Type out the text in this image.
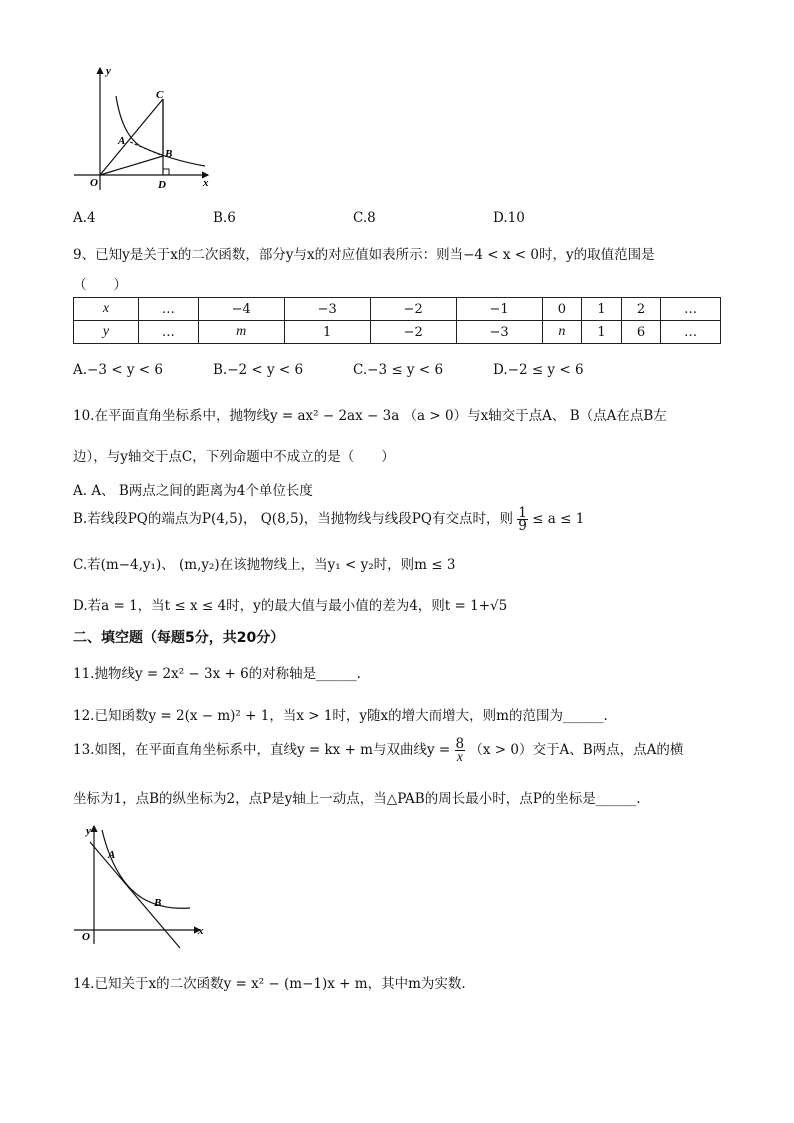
y
C
A
B
O	D	x
A.4	B.6	C.8	D.10
9、已知y是关于x的二次函数，部分y与x的对应值如表所示：则当−4 < x < 0时，y的取值范围是
（　　）
x	…	−4	−3	−2	−1	0	1	2	…
y	…	m	1	−2	−3	n	1	6	…
A.−3 < y < 6	B.−2 < y < 6	C.−3 ≤ y < 6	D.−2 ≤ y < 6
10.在平面直角坐标系中，抛物线y = ax² − 2ax − 3a （a > 0）与x轴交于点A、 B（点A在点B左
边），与y轴交于点C，下列命题中不成立的是（　　）
A. A、 B两点之间的距离为4个单位长度
B.若线段PQ的端点为P(4,5)， Q(8,5)，当抛物线与线段PQ有交点时，则 $\frac{1}{9} \le a \le 1$
C.若(m−4,y₁)、 (m,y₂)在该抛物线上，当y₁ < y₂时，则m ≤ 3
D.若a = 1，当t ≤ x ≤ 4时，y的最大值与最小值的差为4，则t = 1+√5
二、填空题（每题5分，共20分）
11.抛物线y = 2x² − 3x + 6的对称轴是______.
12.已知函数y = 2(x − m)² + 1，当x > 1时，y随x的增大而增大，则m的范围为______.
13.如图，在平面直角坐标系中，直线y = kx + m与双曲线$y = \frac{8}{x} (x > 0)$交于A、B两点，点A的横
坐标为1，点B的纵坐标为2，点P是y轴上一动点，当△PAB的周长最小时，点P的坐标是______.
y
A
B
O	x
14.已知关于x的二次函数y = x² − (m−1)x + m，其中m为实数.
